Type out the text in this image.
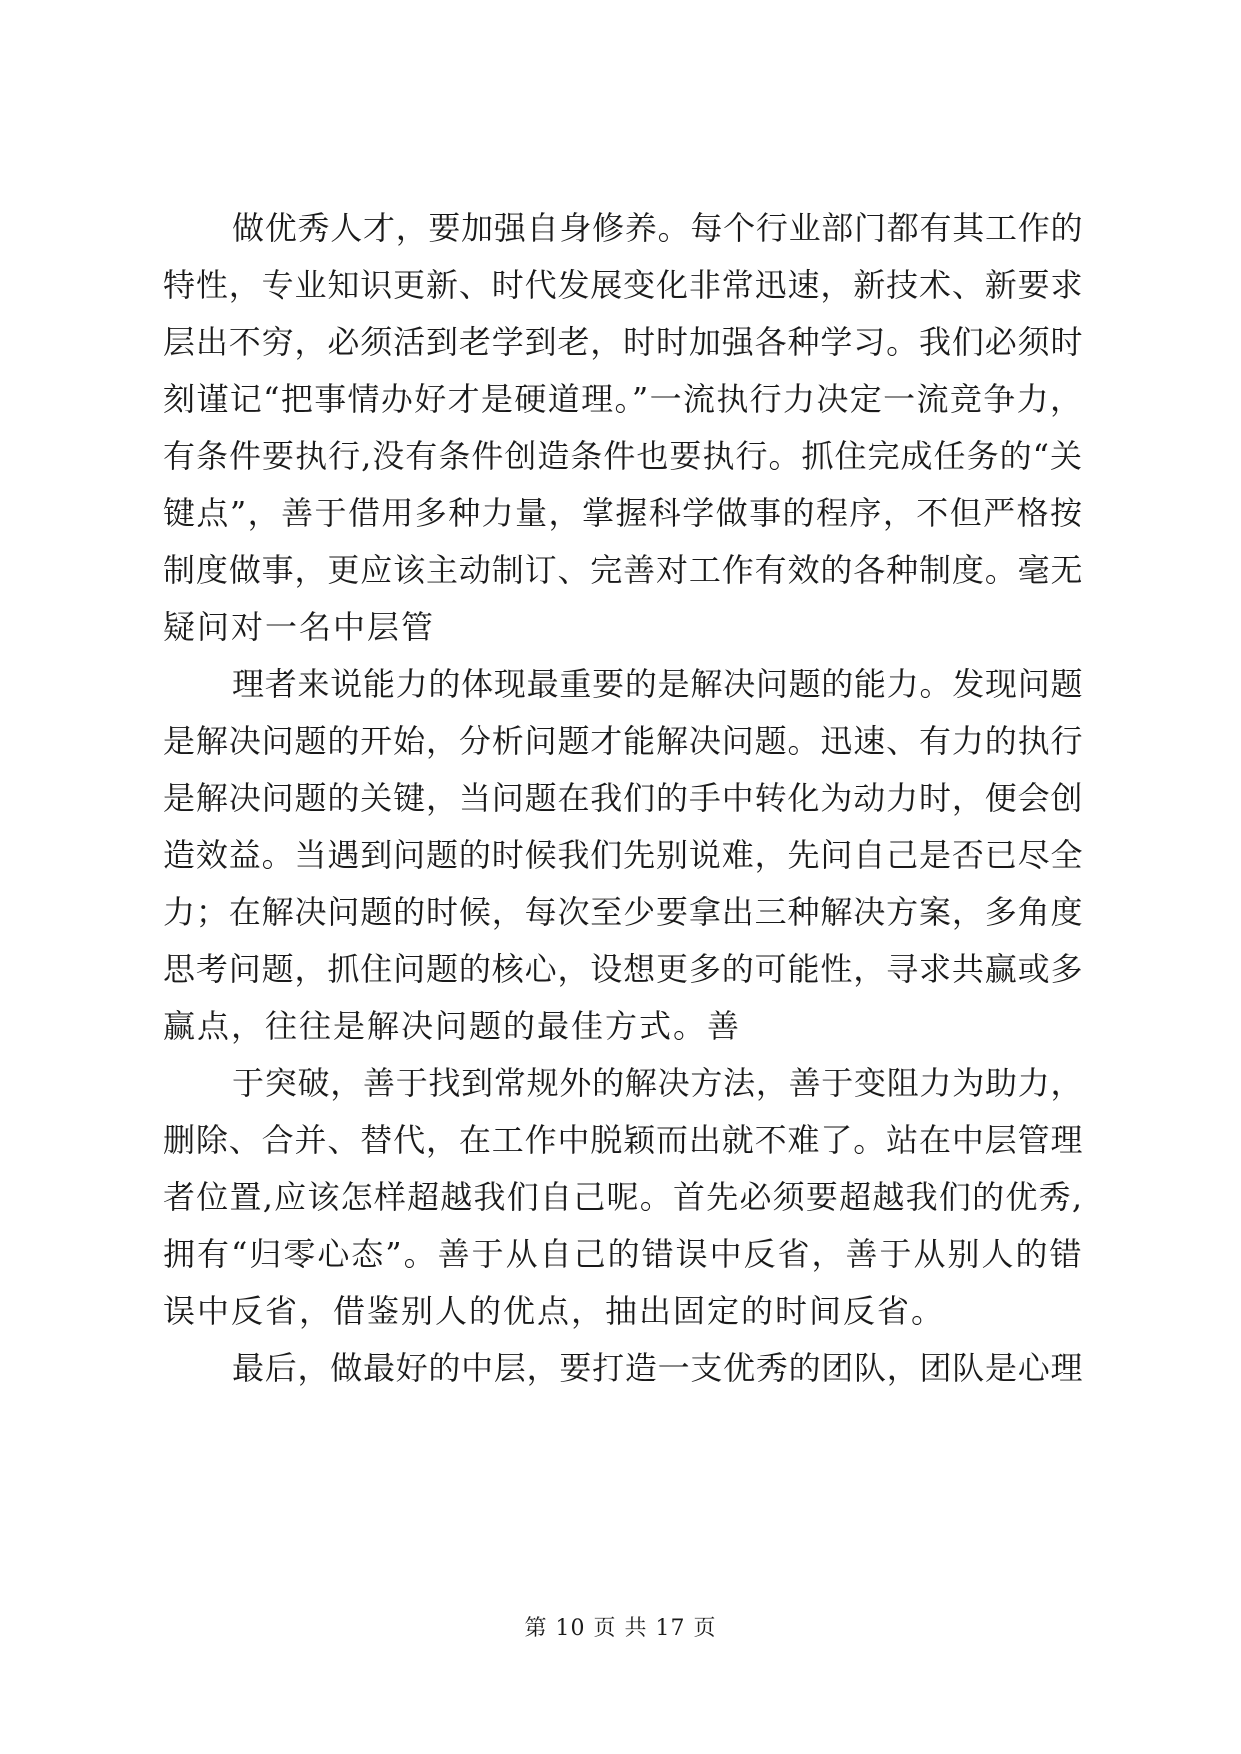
做优秀人才，要加强自身修养。每个行业部门都有其工作的
特性，专业知识更新、时代发展变化非常迅速，新技术、新要求
层出不穷，必须活到老学到老，时时加强各种学习。我们必须时
刻谨记“把事情办好才是硬道理。”一流执行力决定一流竞争力，
有条件要执行,没有条件创造条件也要执行。抓住完成任务的“关
键点”，善于借用多种力量，掌握科学做事的程序，不但严格按
制度做事，更应该主动制订、完善对工作有效的各种制度。毫无
疑问对一名中层管
理者来说能力的体现最重要的是解决问题的能力。发现问题
是解决问题的开始，分析问题才能解决问题。迅速、有力的执行
是解决问题的关键，当问题在我们的手中转化为动力时，便会创
造效益。当遇到问题的时候我们先别说难，先问自己是否已尽全
力；在解决问题的时候，每次至少要拿出三种解决方案，多角度
思考问题，抓住问题的核心，设想更多的可能性，寻求共赢或多
赢点，往往是解决问题的最佳方式。善
于突破，善于找到常规外的解决方法，善于变阻力为助力，
删除、合并、替代，在工作中脱颖而出就不难了。站在中层管理
者位置,应该怎样超越我们自己呢。首先必须要超越我们的优秀,
拥有“归零心态”。善于从自己的错误中反省，善于从别人的错
误中反省，借鉴别人的优点，抽出固定的时间反省。
最后，做最好的中层，要打造一支优秀的团队，团队是心理
第 10 页 共 17 页
